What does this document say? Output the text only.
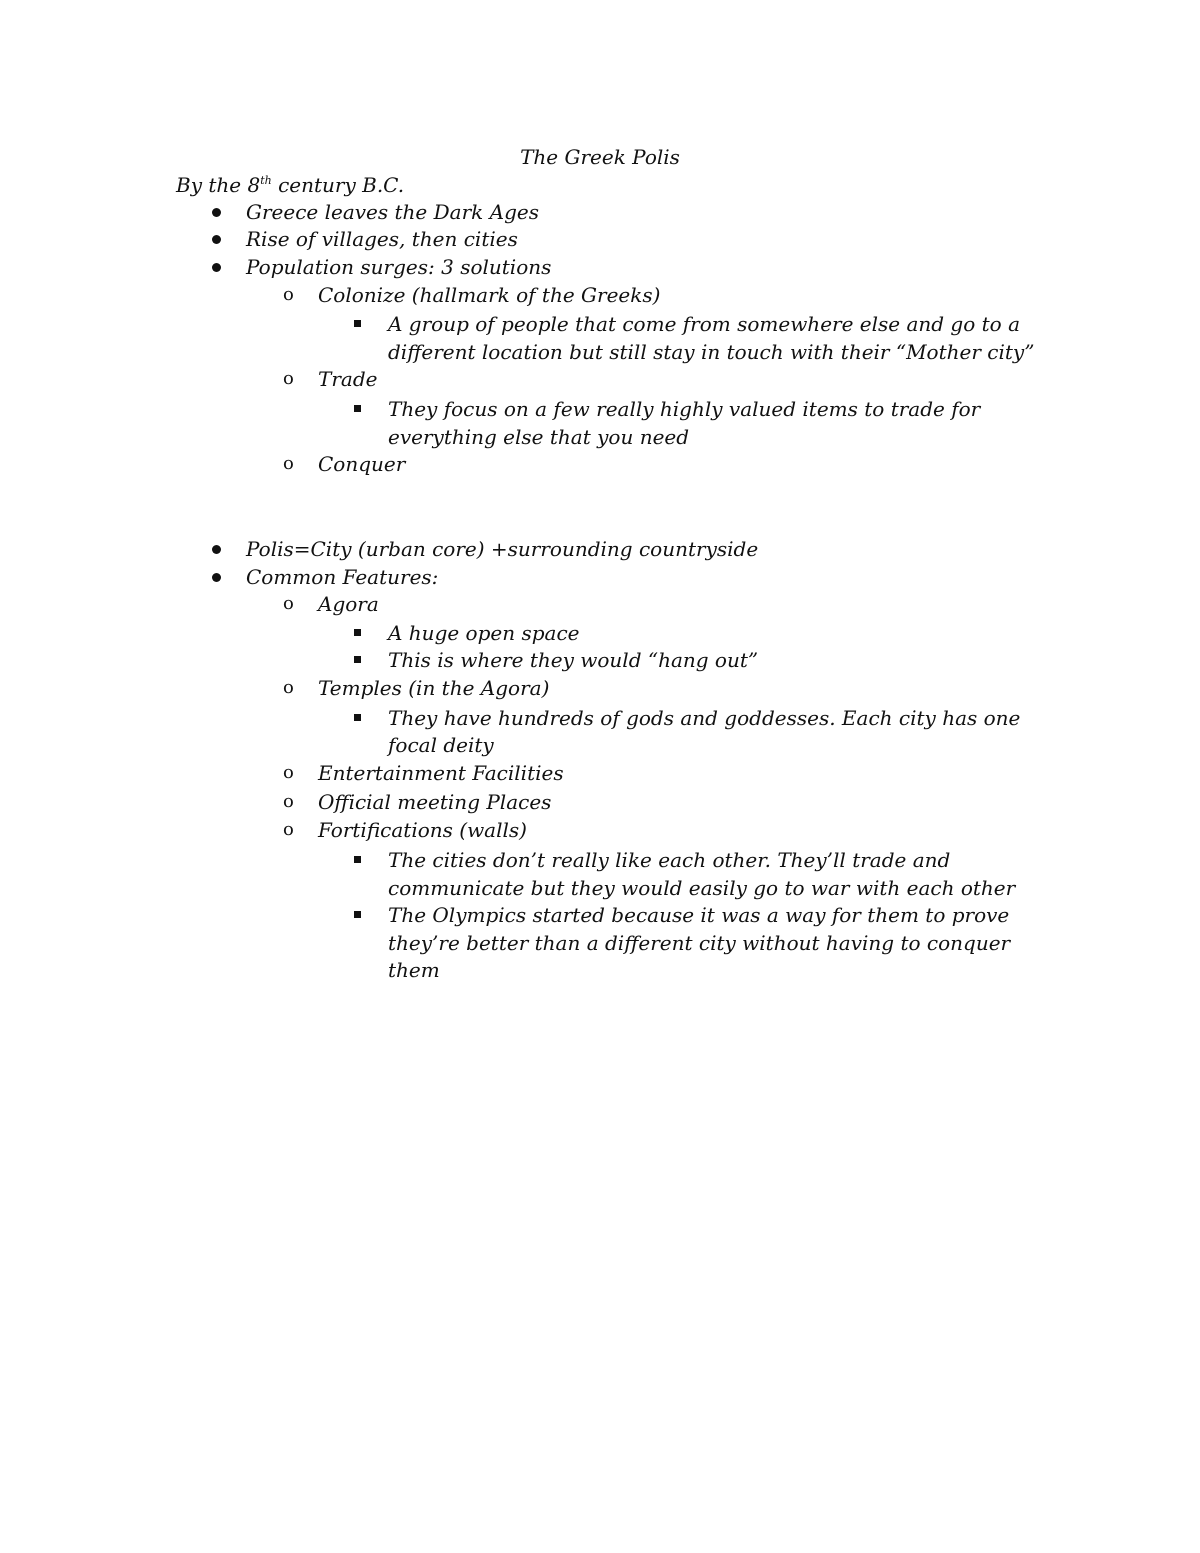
The Greek Polis
By the 8th century B.C.
Greece leaves the Dark Ages
Rise of villages, then cities
Population surges: 3 solutions
o Colonize (hallmark of the Greeks)
A group of people that come from somewhere else and go to a
different location but still stay in touch with their “Mother city”
o Trade
They focus on a few really highly valued items to trade for
everything else that you need
o Conquer
Polis=City (urban core) +surrounding countryside
Common Features:
o Agora
A huge open space
This is where they would “hang out”
o Temples (in the Agora)
They have hundreds of gods and goddesses. Each city has one
focal deity
o Entertainment Facilities
o Official meeting Places
o Fortifications (walls)
The cities don’t really like each other. They’ll trade and
communicate but they would easily go to war with each other
The Olympics started because it was a way for them to prove
they’re better than a different city without having to conquer
them
